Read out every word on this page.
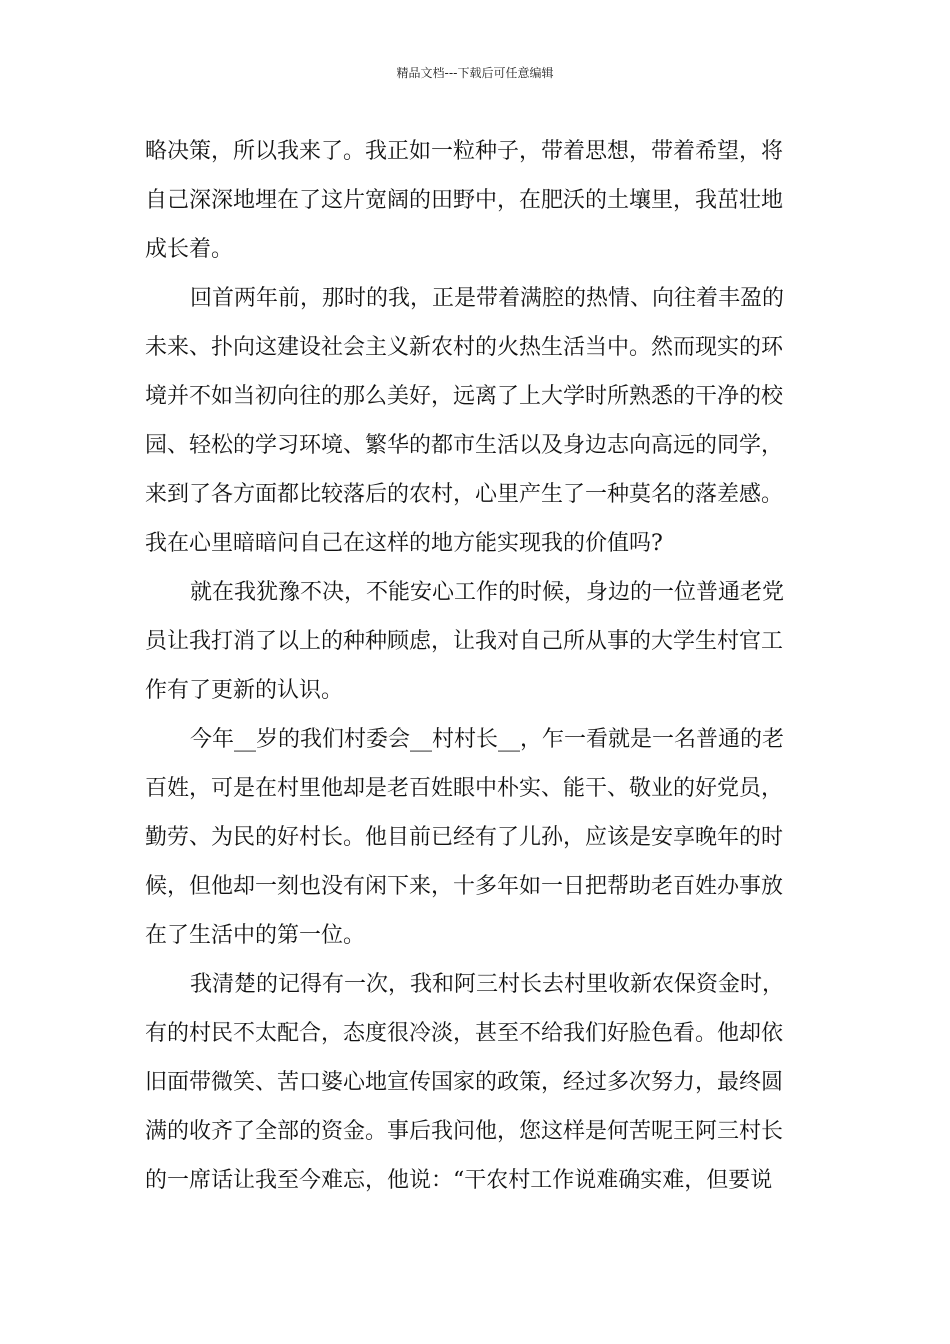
精品文档---下载后可任意编辑
略决策，所以我来了。我正如一粒种子，带着思想，带着希望，将
自己深深地埋在了这片宽阔的田野中，在肥沃的土壤里，我茁壮地
成长着。
回首两年前，那时的我，正是带着满腔的热情、向往着丰盈的
未来、扑向这建设社会主义新农村的火热生活当中。然而现实的环
境并不如当初向往的那么美好，远离了上大学时所熟悉的干净的校
园、轻松的学习环境、繁华的都市生活以及身边志向高远的同学，
来到了各方面都比较落后的农村，心里产生了一种莫名的落差感。
我在心里暗暗问自己在这样的地方能实现我的价值吗?
就在我犹豫不决，不能安心工作的时候，身边的一位普通老党
员让我打消了以上的种种顾虑，让我对自己所从事的大学生村官工
作有了更新的认识。
今年__岁的我们村委会__村村长__，乍一看就是一名普通的老
百姓，可是在村里他却是老百姓眼中朴实、能干、敬业的好党员，
勤劳、为民的好村长。他目前已经有了儿孙，应该是安享晚年的时
候，但他却一刻也没有闲下来，十多年如一日把帮助老百姓办事放
在了生活中的第一位。
我清楚的记得有一次，我和阿三村长去村里收新农保资金时，
有的村民不太配合，态度很冷淡，甚至不给我们好脸色看。他却依
旧面带微笑、苦口婆心地宣传国家的政策，经过多次努力，最终圆
满的收齐了全部的资金。事后我问他，您这样是何苦呢王阿三村长
的一席话让我至今难忘，他说：“干农村工作说难确实难，但要说
